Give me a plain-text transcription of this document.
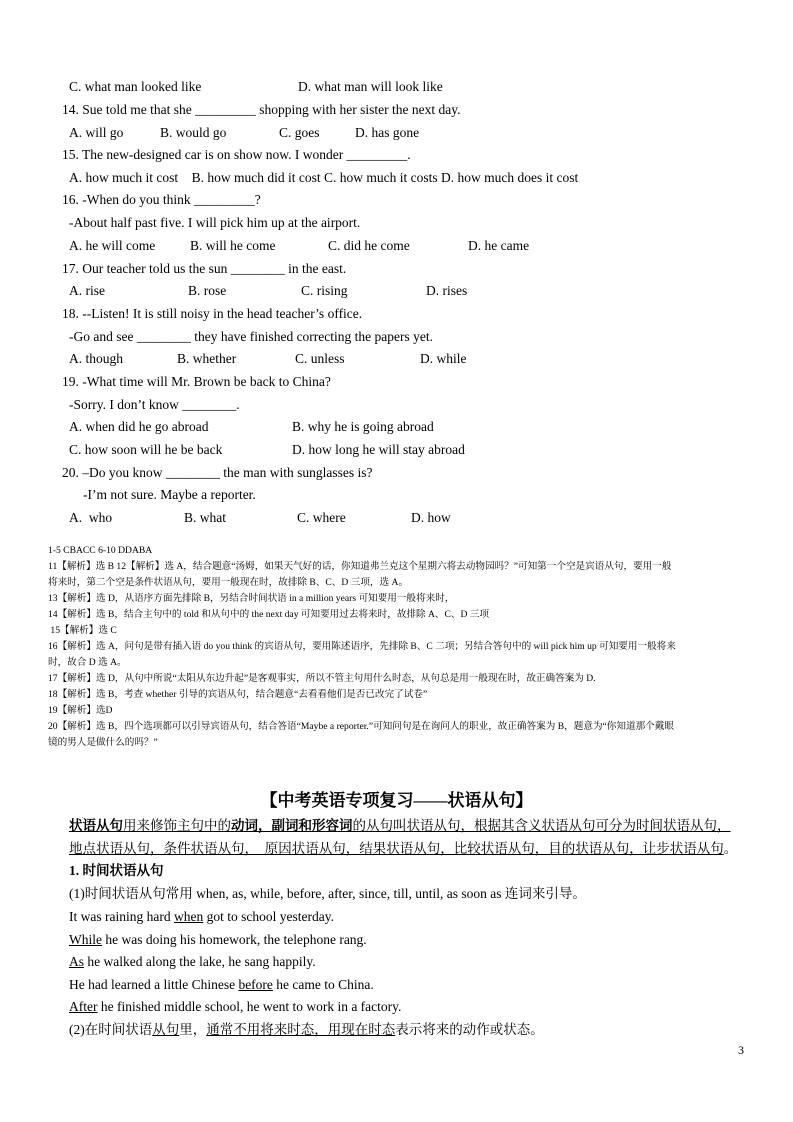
C. what man looked like	D. what man will look like
14. Sue told me that she _________ shopping with her sister the next day.
A. will go	B. would go	C. goes	D. has gone
15. The new-designed car is on show now. I wonder _________.
A. how much it cost    B. how much did it cost C. how much it costs D. how much does it cost
16. -When do you think _________?
-About half past five. I will pick him up at the airport.
A. he will come	B. will he come	C. did he come	D. he came
17. Our teacher told us the sun ________ in the east.
A. rise	B. rose	C. rising	D. rises
18. --Listen! It is still noisy in the head teacher’s office.
-Go and see ________ they have finished correcting the papers yet.
A. though	B. whether	C. unless	D. while
19. -What time will Mr. Brown be back to China?
-Sorry. I don’t know ________.
A. when did he go abroad	B. why he is going abroad
C. how soon will he be back	D. how long he will stay abroad
20. –Do you know ________ the man with sunglasses is?
-I’m not sure. Maybe a reporter.
A.  who	B. what	C. where	D. how
1-5 CBACC 6-10 DDABA
11【解析】选 B 12【解析】选 A，结合题意“汤姆，如果天气好的话，你知道弗兰克这个星期六将去动物园吗？”可知第一个空是宾语从句，要用一般
将来时，第二个空是条件状语从句，要用一般现在时，故排除 B、C、D 三项，选 A。
13【解析】选 D，从语序方面先排除 B，另结合时间状语 in a million years 可知要用一般将来时，
14【解析】选 B，结合主句中的 told 和从句中的 the next day 可知要用过去将来时，故排除 A、C、D 三项
15【解析】选 C
16【解析】选 A，问句是带有插入语 do you think 的宾语从句，要用陈述语序，先排除 B、C 二项；另结合答句中的 will pick him up 可知要用一般将来
时，故合 D 选 A。
17【解析】选 D，从句中所说“太阳从东边升起”是客观事实，所以不管主句用什么时态，从句总是用一般现在时，故正确答案为 D.
18【解析】选 B，考查 whether 引导的宾语从句，结合题意“去看看他们是否已改完了试卷”
19【解析】选D
20【解析】选 B，四个选项都可以引导宾语从句，结合答语“Maybe a reporter.”可知问句是在询问人的职业，故正确答案为 B，题意为“你知道那个戴眼
镜的男人是做什么的吗？”
【中考英语专项复习——状语从句】
状语从句用来修饰主句中的动词，副词和形容词的从句叫状语从句，根据其含义状语从句可分为时间状语从句，
地点状语从句，条件状语从句，  原因状语从句，结果状语从句，比较状语从句，目的状语从句，让步状语从句。
1. 时间状语从句
(1)时间状语从句常用 when, as, while, before, after, since, till, until, as soon as 连词来引导。
It was raining hard when got to school yesterday.
While he was doing his homework, the telephone rang.
As he walked along the lake, he sang happily.
He had learned a little Chinese before he came to China.
After he finished middle school, he went to work in a factory.
(2)在时间状语从句里，通常不用将来时态，用现在时态表示将来的动作或状态。
3
